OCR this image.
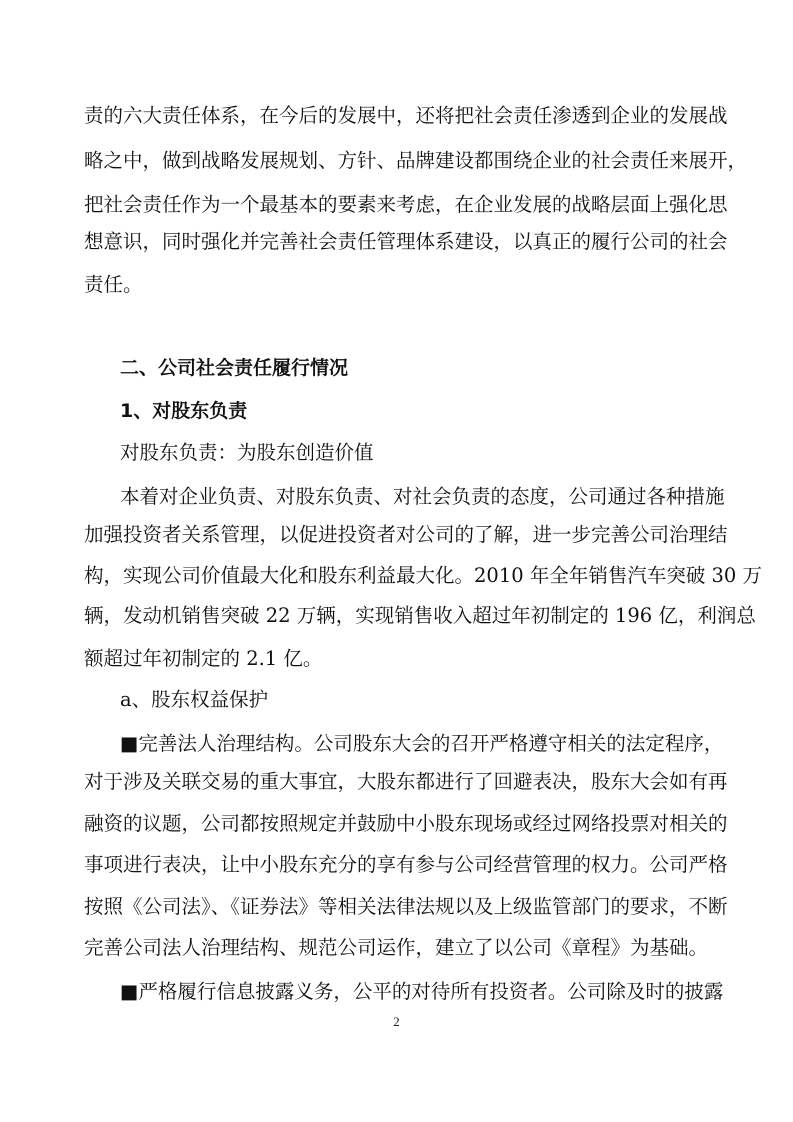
责的六大责任体系，在今后的发展中，还将把社会责任渗透到企业的发展战
略之中，做到战略发展规划、方针、品牌建设都围绕企业的社会责任来展开，
把社会责任作为一个最基本的要素来考虑，在企业发展的战略层面上强化思
想意识，同时强化并完善社会责任管理体系建设，以真正的履行公司的社会
责任。
二、公司社会责任履行情况
1、对股东负责
对股东负责：为股东创造价值
本着对企业负责、对股东负责、对社会负责的态度，公司通过各种措施
加强投资者关系管理，以促进投资者对公司的了解，进一步完善公司治理结
构，实现公司价值最大化和股东利益最大化。2010 年全年销售汽车突破 30 万
辆，发动机销售突破 22 万辆，实现销售收入超过年初制定的 196 亿，利润总
额超过年初制定的 2.1 亿。
a、股东权益保护
■完善法人治理结构。公司股东大会的召开严格遵守相关的法定程序，
对于涉及关联交易的重大事宜，大股东都进行了回避表决，股东大会如有再
融资的议题，公司都按照规定并鼓励中小股东现场或经过网络投票对相关的
事项进行表决，让中小股东充分的享有参与公司经营管理的权力。公司严格
按照《公司法》、《证券法》等相关法律法规以及上级监管部门的要求，不断
完善公司法人治理结构、规范公司运作，建立了以公司《章程》为基础。
■严格履行信息披露义务，公平的对待所有投资者。公司除及时的披露
2
